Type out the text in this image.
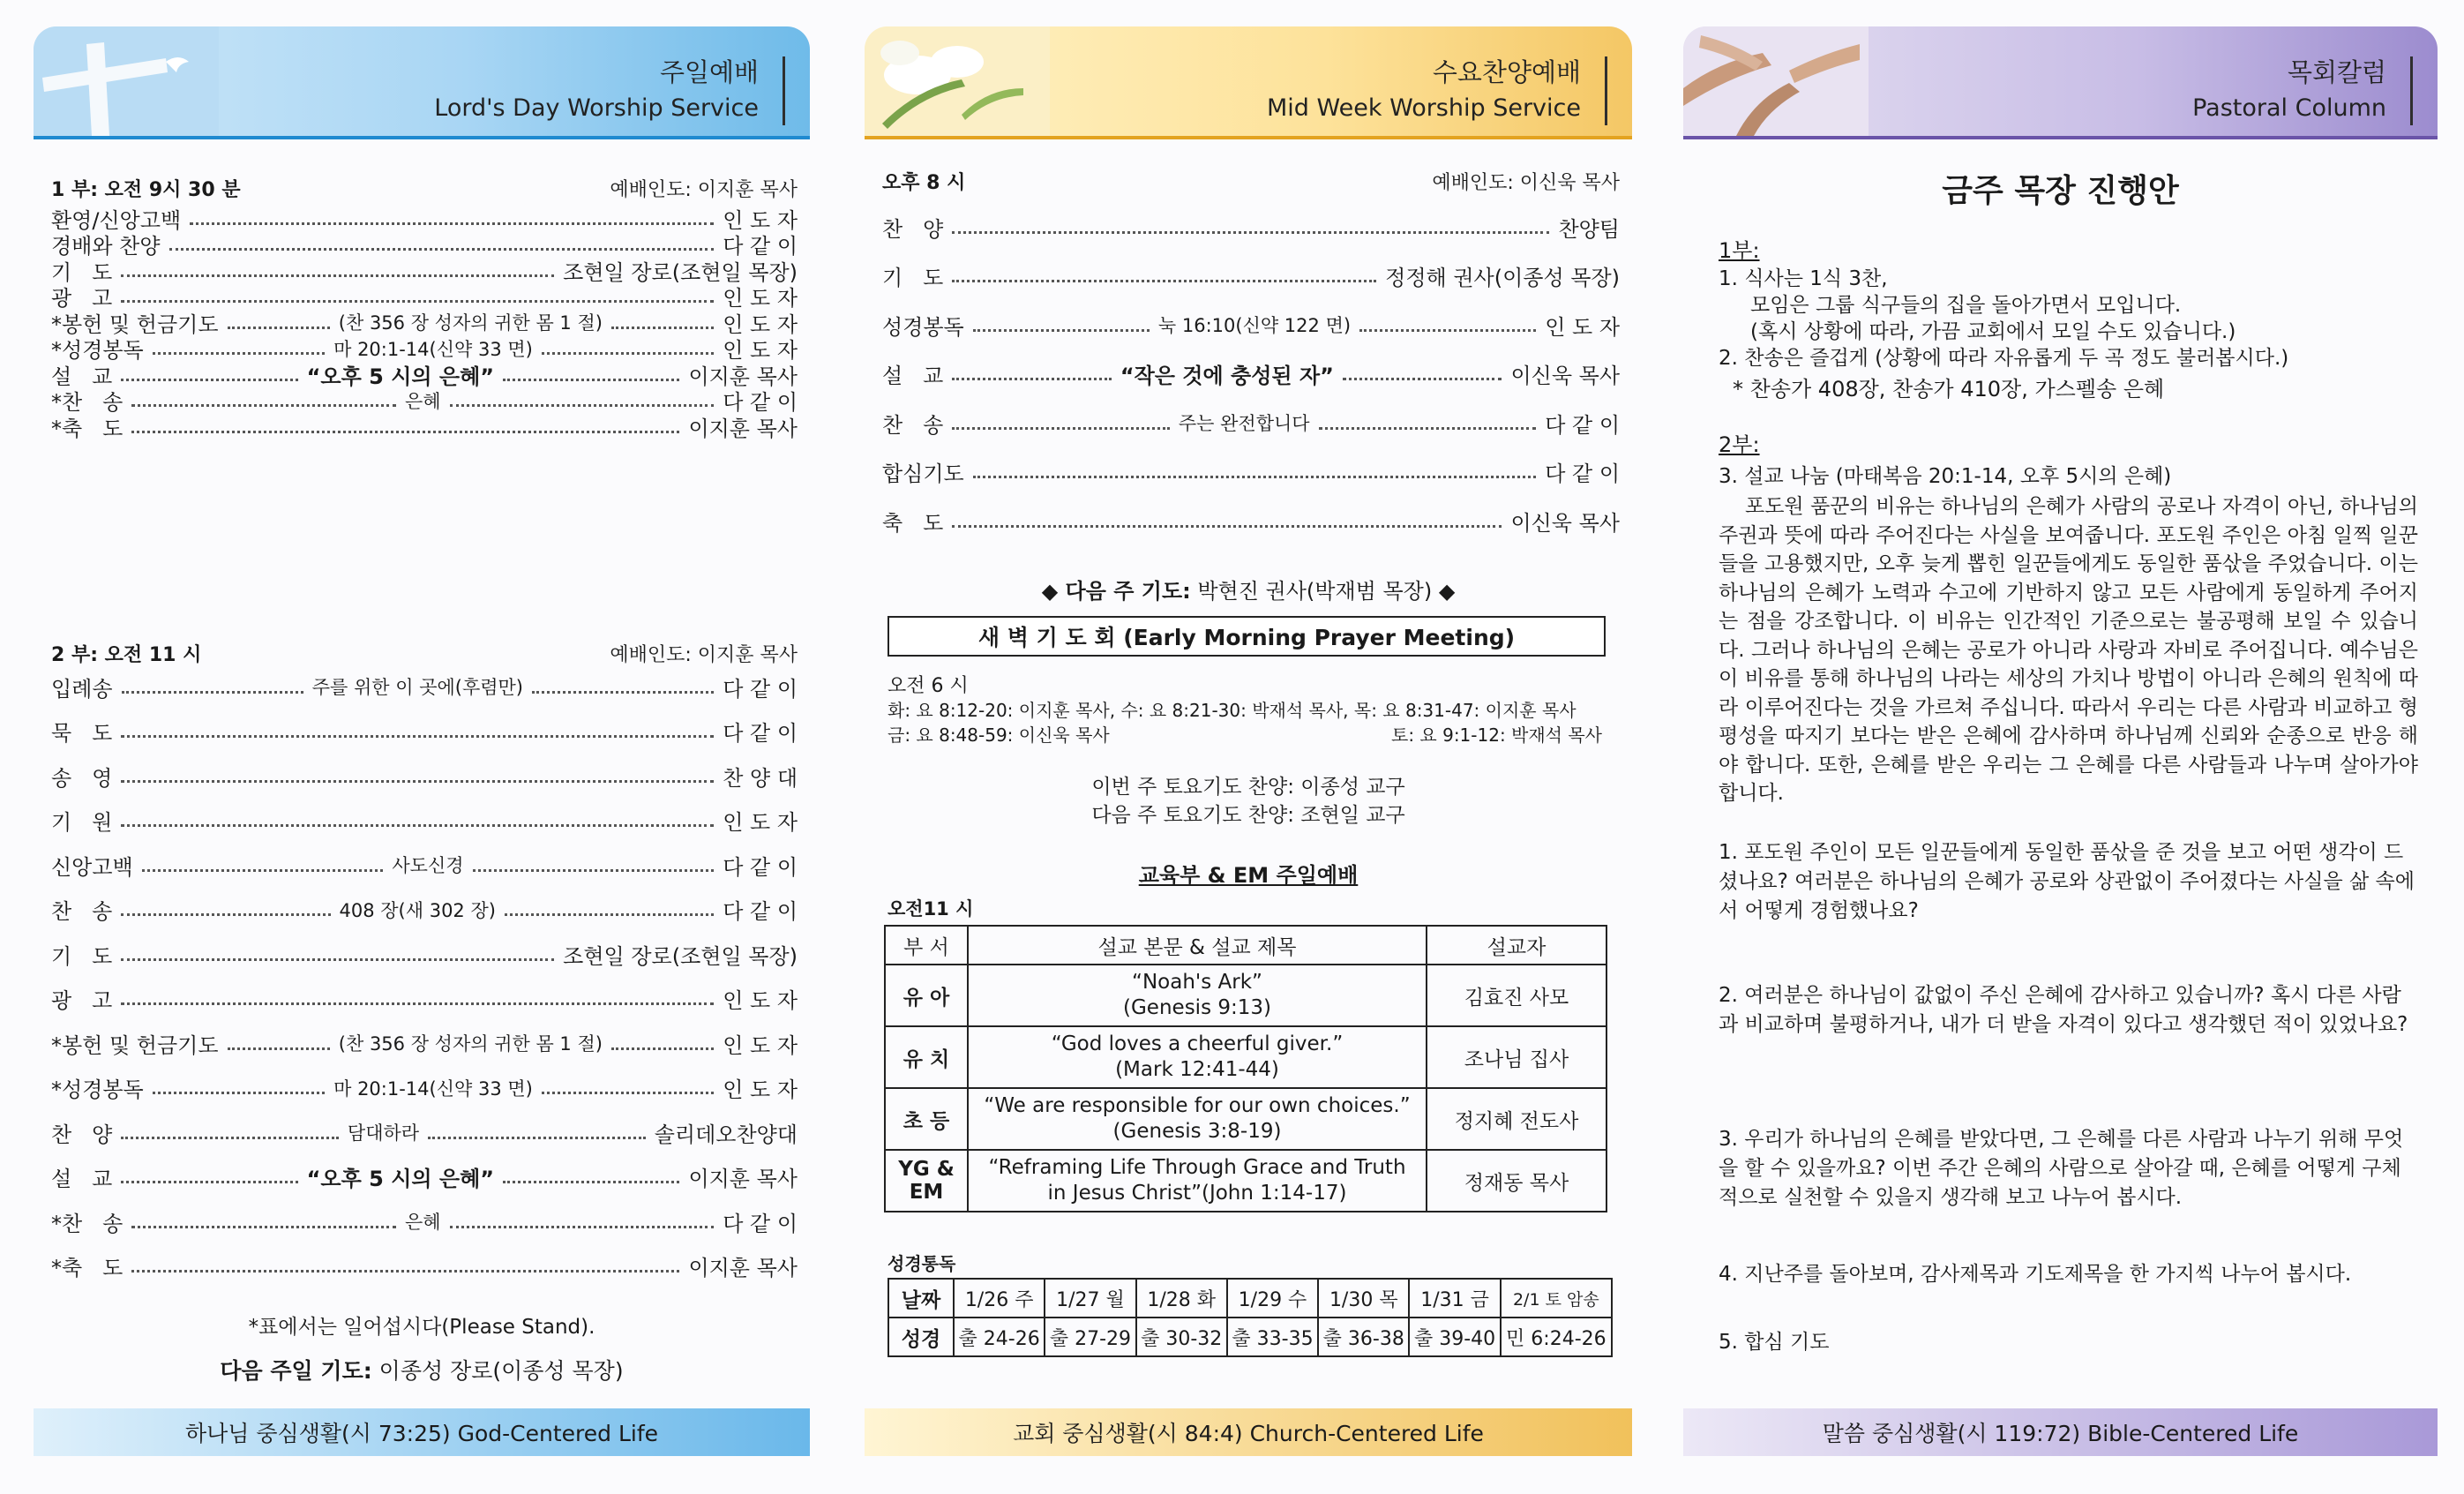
주일예배
Lord's Day Worship Service
1 부: 오전 9시 30 분	예배인도: 이지훈 목사
환영/신앙고백	인 도 자
경배와 찬양	다 같 이
기   도	조현일 장로(조현일 목장)
광   고	인 도 자
*봉헌 및 헌금기도	(찬 356 장 성자의 귀한 몸 1 절)	인 도 자
*성경봉독	마 20:1-14(신약 33 면)	인 도 자
설   교	“오후 5 시의 은혜”	이지훈 목사
*찬   송	은혜	다 같 이
*축   도	이지훈 목사
2 부: 오전 11 시	예배인도: 이지훈 목사
입례송	주를 위한 이 곳에(후렴만)	다 같 이
묵   도	다 같 이
송   영	찬 양 대
기   원	인 도 자
신앙고백	사도신경	다 같 이
찬   송	408 장(새 302 장)	다 같 이
기   도	조현일 장로(조현일 목장)
광   고	인 도 자
*봉헌 및 헌금기도	(찬 356 장 성자의 귀한 몸 1 절)	인 도 자
*성경봉독	마 20:1-14(신약 33 면)	인 도 자
찬   양	담대하라	솔리데오찬양대
설   교	“오후 5 시의 은혜”	이지훈 목사
*찬   송	은혜	다 같 이
*축   도	이지훈 목사
*표에서는 일어섭시다(Please Stand).
다음 주일 기도: 이종성 장로(이종성 목장)
하나님 중심생활(시 73:25) God-Centered Life
수요찬양예배
Mid Week Worship Service
오후 8 시	예배인도: 이신욱 목사
찬   양	찬양팀
기   도	정정해 권사(이종성 목장)
성경봉독	눅 16:10(신약 122 면)	인 도 자
설   교	“작은 것에 충성된 자”	이신욱 목사
찬   송	주는 완전합니다	다 같 이
합심기도	다 같 이
축   도	이신욱 목사
◆ 다음 주 기도: 박현진 권사(박재범 목장) ◆
새 벽 기 도 회 (Early Morning Prayer Meeting)
오전 6 시
화: 요 8:12-20: 이지훈 목사, 수: 요 8:21-30: 박재석 목사, 목: 요 8:31-47: 이지훈 목사
금: 요 8:48-59: 이신욱 목사	토: 요 9:1-12: 박재석 목사
이번 주 토요기도 찬양: 이종성 교구
다음 주 토요기도 찬양: 조현일 교구
교육부 & EM 주일예배
오전11 시
부 서	설교 본문 & 설교 제목	설교자
유 아	“Noah's Ark”
(Genesis 9:13)	김효진 사모
유 치	“God loves a cheerful giver.”
(Mark 12:41-44)	조나님 집사
초 등	“We are responsible for our own choices.”
(Genesis 3:8-19)	정지혜 전도사
YG & EM	“Reframing Life Through Grace and Truth
in Jesus Christ”(John 1:14-17)	정재동 목사
성경통독
날짜	1/26 주	1/27 월	1/28 화	1/29 수	1/30 목	1/31 금	2/1 토 암송
성경	출 24-26	출 27-29	출 30-32	출 33-35	출 36-38	출 39-40	민 6:24-26
교회 중심생활(시 84:4) Church-Centered Life
목회칼럼
Pastoral Column
금주 목장 진행안
1부:
1. 식사는 1식 3찬,
모임은 그룹 식구들의 집을 돌아가면서 모입니다.
(혹시 상황에 따라, 가끔 교회에서 모일 수도 있습니다.)
2. 찬송은 즐겁게 (상황에 따라 자유롭게 두 곡 정도 불러봅시다.)
* 찬송가 408장, 찬송가 410장, 가스펠송 은혜
2부:
3. 설교 나눔 (마태복음 20:1-14, 오후 5시의 은혜)
포도원 품꾼의 비유는 하나님의 은혜가 사람의 공로나 자격이 아닌, 하나님의 주권과 뜻에 따라 주어진다는 사실을 보여줍니다. 포도원 주인은 아침 일찍 일꾼들을 고용했지만, 오후 늦게 뽑힌 일꾼들에게도 동일한 품삯을 주었습니다. 이는 하나님의 은혜가 노력과 수고에 기반하지 않고 모든 사람에게 동일하게 주어지는 점을 강조합니다. 이 비유는 인간적인 기준으로는 불공평해 보일 수 있습니다. 그러나 하나님의 은혜는 공로가 아니라 사랑과 자비로 주어집니다. 예수님은 이 비유를 통해 하나님의 나라는 세상의 가치나 방법이 아니라 은혜의 원칙에 따라 이루어진다는 것을 가르쳐 주십니다. 따라서 우리는 다른 사람과 비교하고 형평성을 따지기 보다는 받은 은혜에 감사하며 하나님께 신뢰와 순종으로 반응 해야 합니다. 또한, 은혜를 받은 우리는 그 은혜를 다른 사람들과 나누며 살아가야 합니다.
1. 포도원 주인이 모든 일꾼들에게 동일한 품삯을 준 것을 보고 어떤 생각이 드셨나요? 여러분은 하나님의 은혜가 공로와 상관없이 주어졌다는 사실을 삶 속에서 어떻게 경험했나요?
2. 여러분은 하나님이 값없이 주신 은혜에 감사하고 있습니까? 혹시 다른 사람과 비교하며 불평하거나, 내가 더 받을 자격이 있다고 생각했던 적이 있었나요?
3. 우리가 하나님의 은혜를 받았다면, 그 은혜를 다른 사람과 나누기 위해 무엇을 할 수 있을까요? 이번 주간 은혜의 사람으로 살아갈 때, 은혜를 어떻게 구체적으로 실천할 수 있을지 생각해 보고 나누어 봅시다.
4. 지난주를 돌아보며, 감사제목과 기도제목을 한 가지씩 나누어 봅시다.
5. 합심 기도
말씀 중심생활(시 119:72) Bible-Centered Life
